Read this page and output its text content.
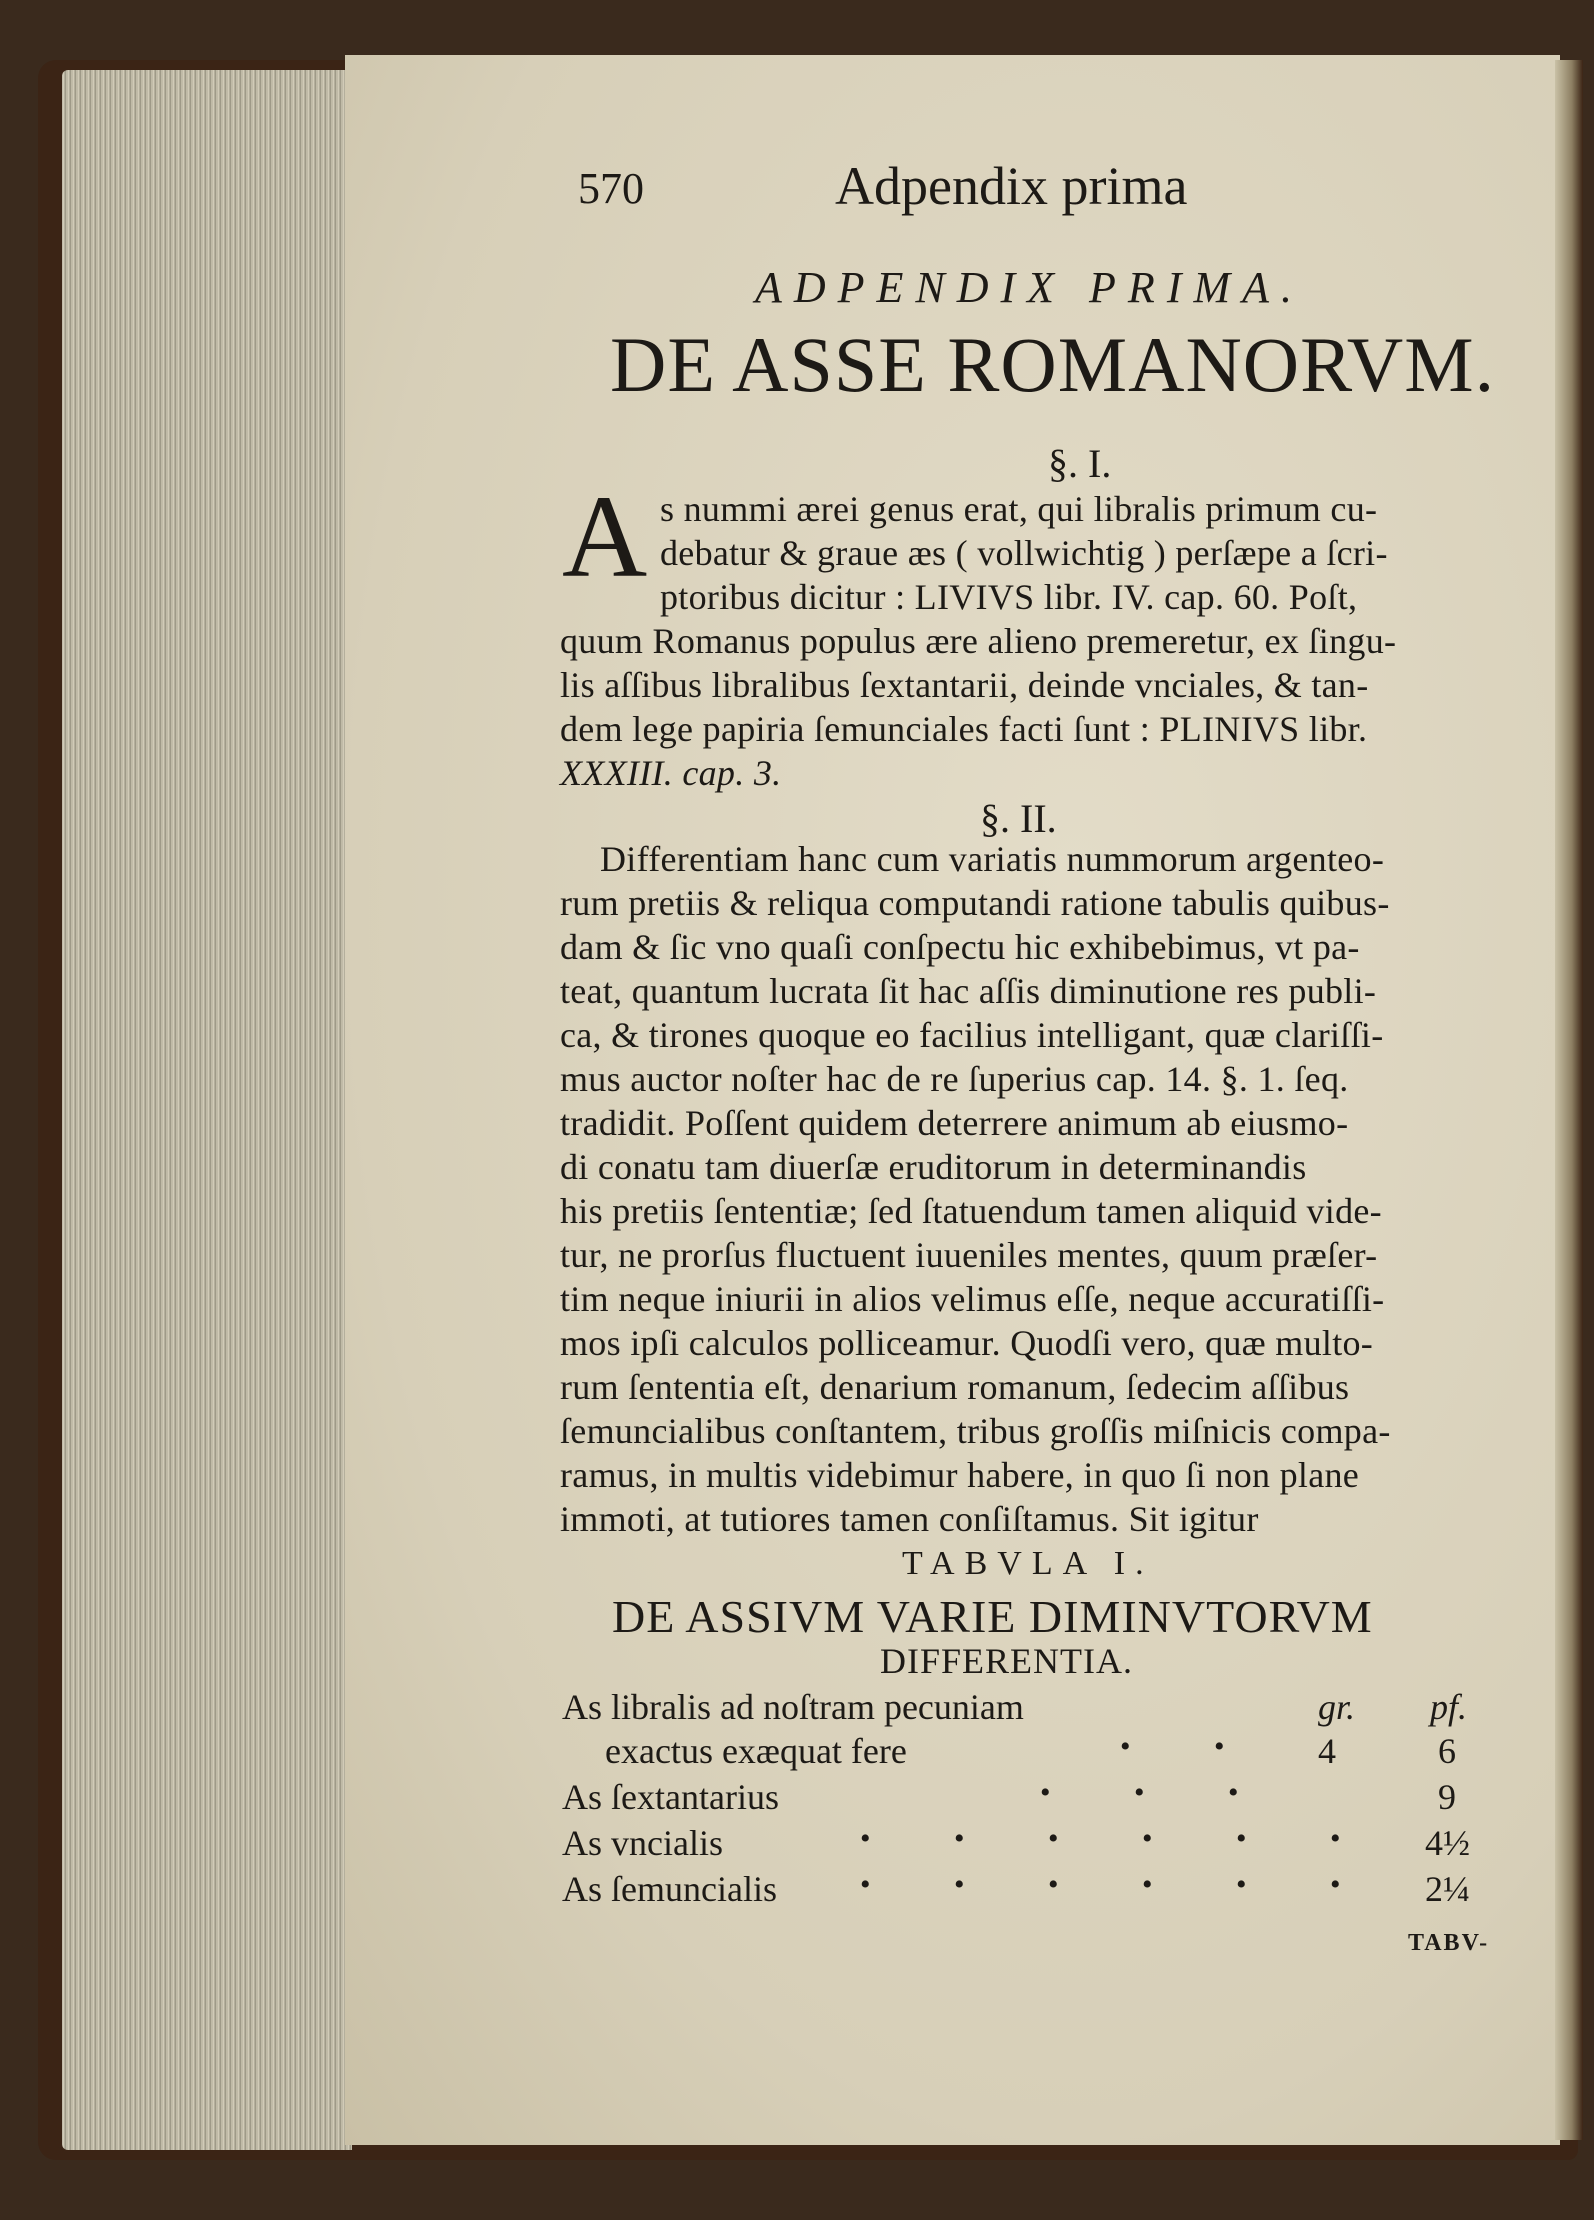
570	Adpendix prima
ADPENDIX PRIMA.
DE ASSE ROMANORVM.
§. I.
A s nummi ærei genus erat, qui libralis primum cu-
debatur & graue æs ( vollwichtig ) perſæpe a ſcri-
ptoribus dicitur : LIVIVS libr. IV. cap. 60. Poſt,
quum Romanus populus ære alieno premeretur, ex ſingu-
lis aſſibus libralibus ſextantarii, deinde vnciales, & tan-
dem lege papiria ſemunciales facti ſunt : PLINIVS libr.
XXXIII. cap. 3.
§. II.
Differentiam hanc cum variatis nummorum argenteo-
rum pretiis & reliqua computandi ratione tabulis quibus-
dam & ſic vno quaſi conſpectu hic exhibebimus, vt pa-
teat, quantum lucrata ſit hac aſſis diminutione res publi-
ca, & tirones quoque eo facilius intelligant, quæ clariſſi-
mus auctor noſter hac de re ſuperius cap. 14. §. 1. ſeq.
tradidit. Poſſent quidem deterrere animum ab eiusmo-
di conatu tam diuerſæ eruditorum in determinandis
his pretiis ſententiæ; ſed ſtatuendum tamen aliquid vide-
tur, ne prorſus fluctuent iuueniles mentes, quum præſer-
tim neque iniurii in alios velimus eſſe, neque accuratiſſi-
mos ipſi calculos polliceamur. Quodſi vero, quæ multo-
rum ſententia eſt, denarium romanum, ſedecim aſſibus
ſemuncialibus conſtantem, tribus groſſis miſnicis compa-
ramus, in multis videbimur habere, in quo ſi non plane
immoti, at tutiores tamen conſiſtamus. Sit igitur
TABVLA I.
DE ASSIVM VARIE DIMINVTORVM
DIFFERENTIA.
gr. pf.
As libralis ad noſtram pecuniam
exactus exæquat fere	• • 4	6
As ſextantarius	• • •	9
As vncialis	• • • • • • 4½
As ſemuncialis	• • • • • • 2¼
TABV-
